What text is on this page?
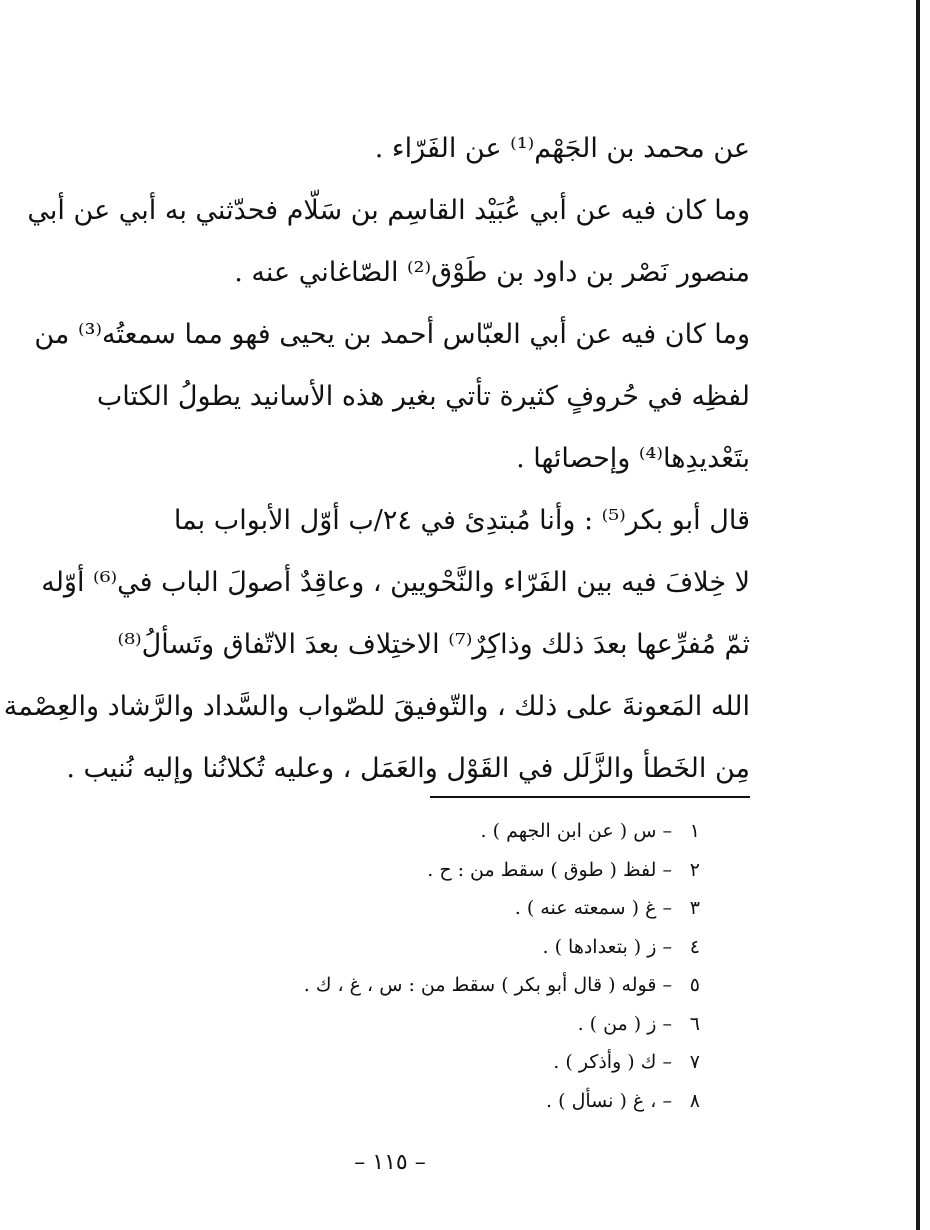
عن محمد بن الجَهْم⁽¹⁾ عن الفَرّاء .
وما كان فيه عن أبي عُبَيْد القاسِم بن سَلّام فحدّثني به أبي عن أبي
منصور نَصْر بن داود بن طَوْق⁽²⁾ الصّاغاني عنه .
وما كان فيه عن أبي العبّاس أحمد بن يحيى فهو مما سمعتُه⁽³⁾ من
لفظِه في حُروفٍ كثيرة تأتي بغير هذه الأسانيد يطولُ الكتاب
بتَعْديدِها⁽⁴⁾ وإحصائها .
قال أبو بكر⁽⁵⁾ : وأنا مُبتدِئ في ٢٤/ب أوّل الأبواب بما
لا خِلافَ فيه بين الفَرّاء والنَّحْويين ، وعاقِدٌ أصولَ الباب في⁽⁶⁾ أوّله
ثمّ مُفرِّعها بعدَ ذلك وذاكِرٌ⁽⁷⁾ الاختِلاف بعدَ الاتّفاق وتَسألُ⁽⁸⁾
الله المَعونةَ على ذلك ، والتّوفيقَ للصّواب والسَّداد والرَّشاد والعِصْمة
مِن الخَطأ والزَّلَل في القَوْل والعَمَل ، وعليه تُكلانُنا وإليه نُنيب .
١ – س ( عن ابن الجهم ) .
٢ – لفظ ( طوق ) سقط من : ح .
٣ – غ ( سمعته عنه ) .
٤ – ز ( بتعدادها ) .
٥ – قوله ( قال أبو بكر ) سقط من : س ، غ ، ك .
٦ – ز ( من ) .
٧ – ك ( وأذكر ) .
٨ – ، غ ( نسأل ) .
– ١١٥ –
